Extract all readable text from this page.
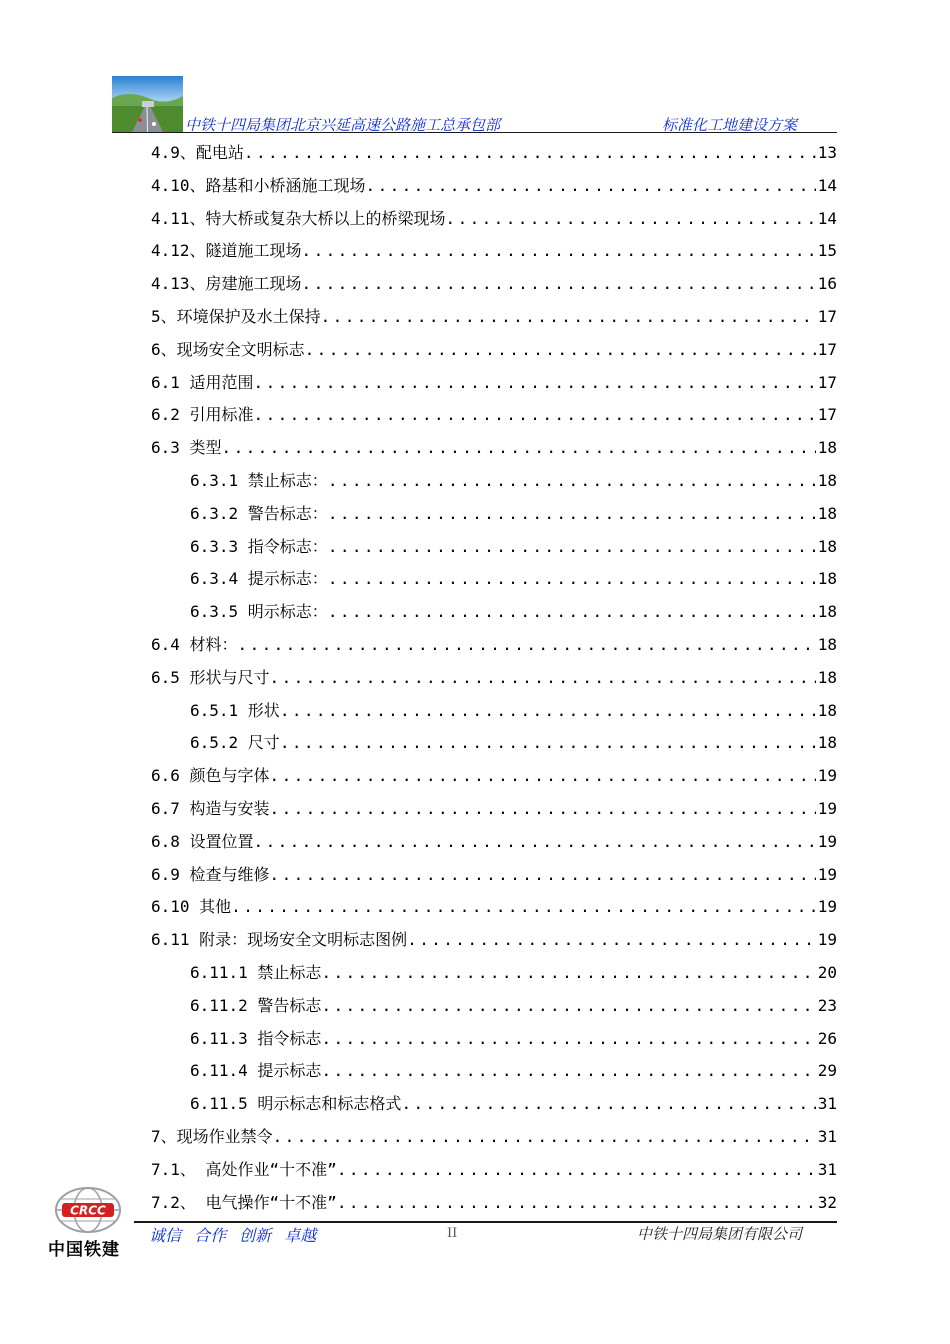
中铁十四局集团北京兴延高速公路施工总承包部	标准化工地建设方案
4.9、配电站 .....	13
4.10、路基和小桥涵施工现场 .....	14
4.11、特大桥或复杂大桥以上的桥梁现场 .....	14
4.12、隧道施工现场 .....	15
4.13、房建施工现场 .....	16
5、环境保护及水土保持 .....	17
6、现场安全文明标志 .....	17
6.1 适用范围 .....	17
6.2 引用标准 .....	17
6.3 类型 .....	18
6.3.1 禁止标志： .....	18
6.3.2 警告标志： .....	18
6.3.3 指令标志： .....	18
6.3.4 提示标志： .....	18
6.3.5 明示标志： .....	18
6.4 材料： .....	18
6.5 形状与尺寸 .....	18
6.5.1 形状 .....	18
6.5.2 尺寸 .....	18
6.6 颜色与字体 .....	19
6.7 构造与安装 .....	19
6.8 设置位置 .....	19
6.9 检查与维修 .....	19
6.10 其他 .....	19
6.11 附录：现场安全文明标志图例 .....	19
6.11.1 禁止标志 .....	20
6.11.2 警告标志 .....	23
6.11.3 指令标志 .....	26
6.11.4 提示标志 .....	29
6.11.5 明示标志和标志格式 .....	31
7、现场作业禁令 .....	31
7.1、 高处作业“十不准” .....	31
7.2、 电气操作“十不准” .....	32
CRCC
中国铁建
诚信 合作 创新 卓越	II	中铁十四局集团有限公司
